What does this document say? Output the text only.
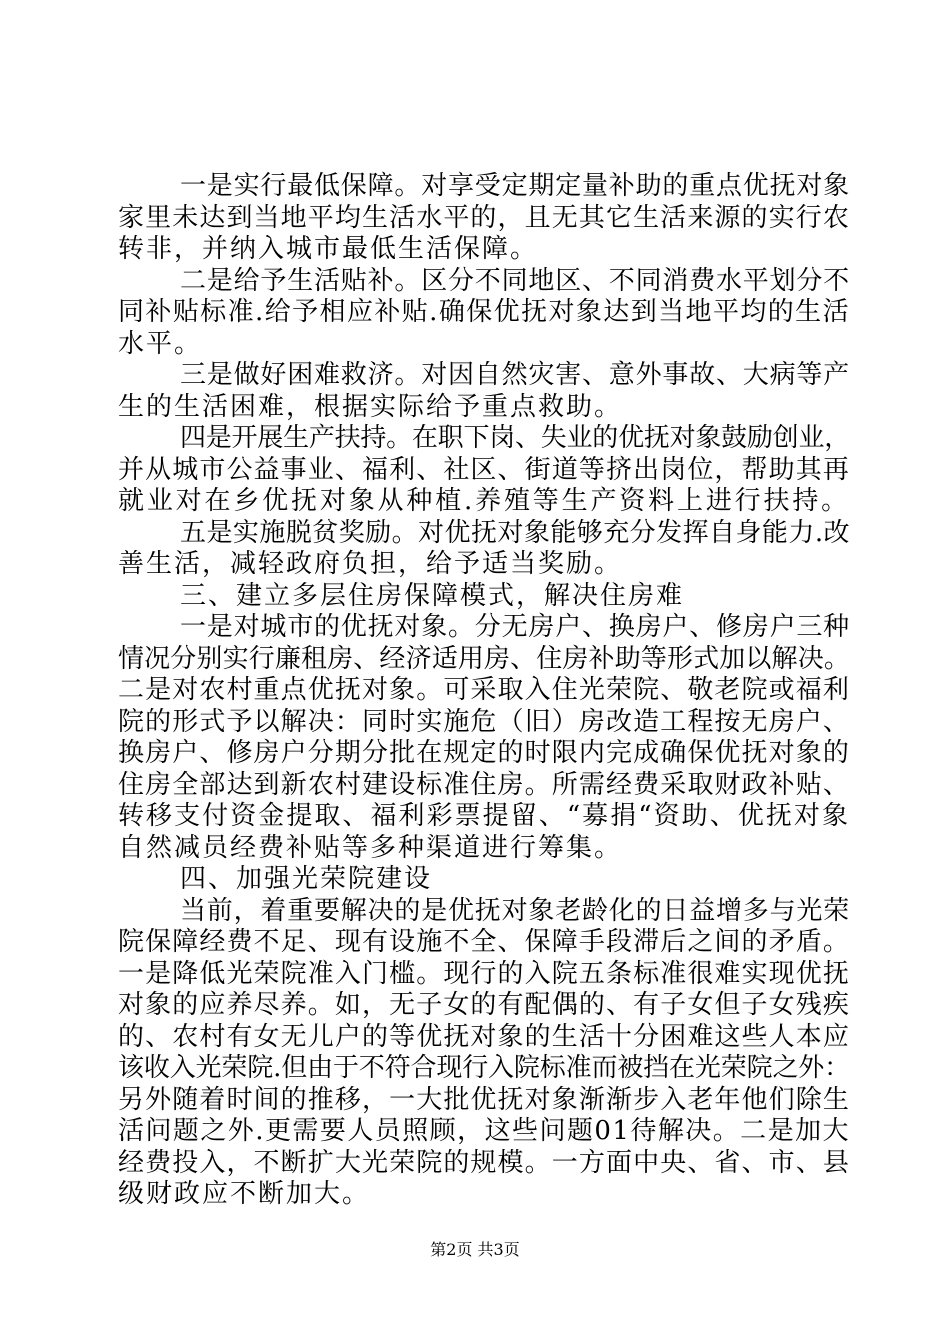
一是实行最低保障。对享受定期定量补助的重点优抚对象
家里未达到当地平均生活水平的，且无其它生活来源的实行农
转非，并纳入城市最低生活保障。
二是给予生活贴补。区分不同地区、不同消费水平划分不
同补贴标准.给予相应补贴.确保优抚对象达到当地平均的生活
水平。
三是做好困难救济。对因自然灾害、意外事故、大病等产
生的生活困难，根据实际给予重点救助。
四是开展生产扶持。在职下岗、失业的优抚对象鼓励创业，
并从城市公益事业、福利、社区、街道等挤出岗位，帮助其再
就业对在乡优抚对象从种植.养殖等生产资料上进行扶持。
五是实施脱贫奖励。对优抚对象能够充分发挥自身能力.改
善生活，减轻政府负担，给予适当奖励。
三、建立多层住房保障模式，解决住房难
一是对城市的优抚对象。分无房户、换房户、修房户三种
情况分别实行廉租房、经济适用房、住房补助等形式加以解决。
二是对农村重点优抚对象。可采取入住光荣院、敬老院或福利
院的形式予以解决：同时实施危（旧）房改造工程按无房户、
换房户、修房户分期分批在规定的时限内完成确保优抚对象的
住房全部达到新农村建设标准住房。所需经费采取财政补贴、
转移支付资金提取、福利彩票提留、“募捐“资助、优抚对象
自然减员经费补贴等多种渠道进行筹集。
四、加强光荣院建设
当前，着重要解决的是优抚对象老龄化的日益增多与光荣
院保障经费不足、现有设施不全、保障手段滞后之间的矛盾。
一是降低光荣院准入门槛。现行的入院五条标准很难实现优抚
对象的应养尽养。如，无子女的有配偶的、有子女但子女残疾
的、农村有女无儿户的等优抚对象的生活十分困难这些人本应
该收入光荣院.但由于不符合现行入院标准而被挡在光荣院之外：
另外随着时间的推移，一大批优抚对象渐渐步入老年他们除生
活问题之外.更需要人员照顾，这些问题01待解决。二是加大
经费投入，不断扩大光荣院的规模。一方面中央、省、市、县
级财政应不断加大。
第2页 共3页
